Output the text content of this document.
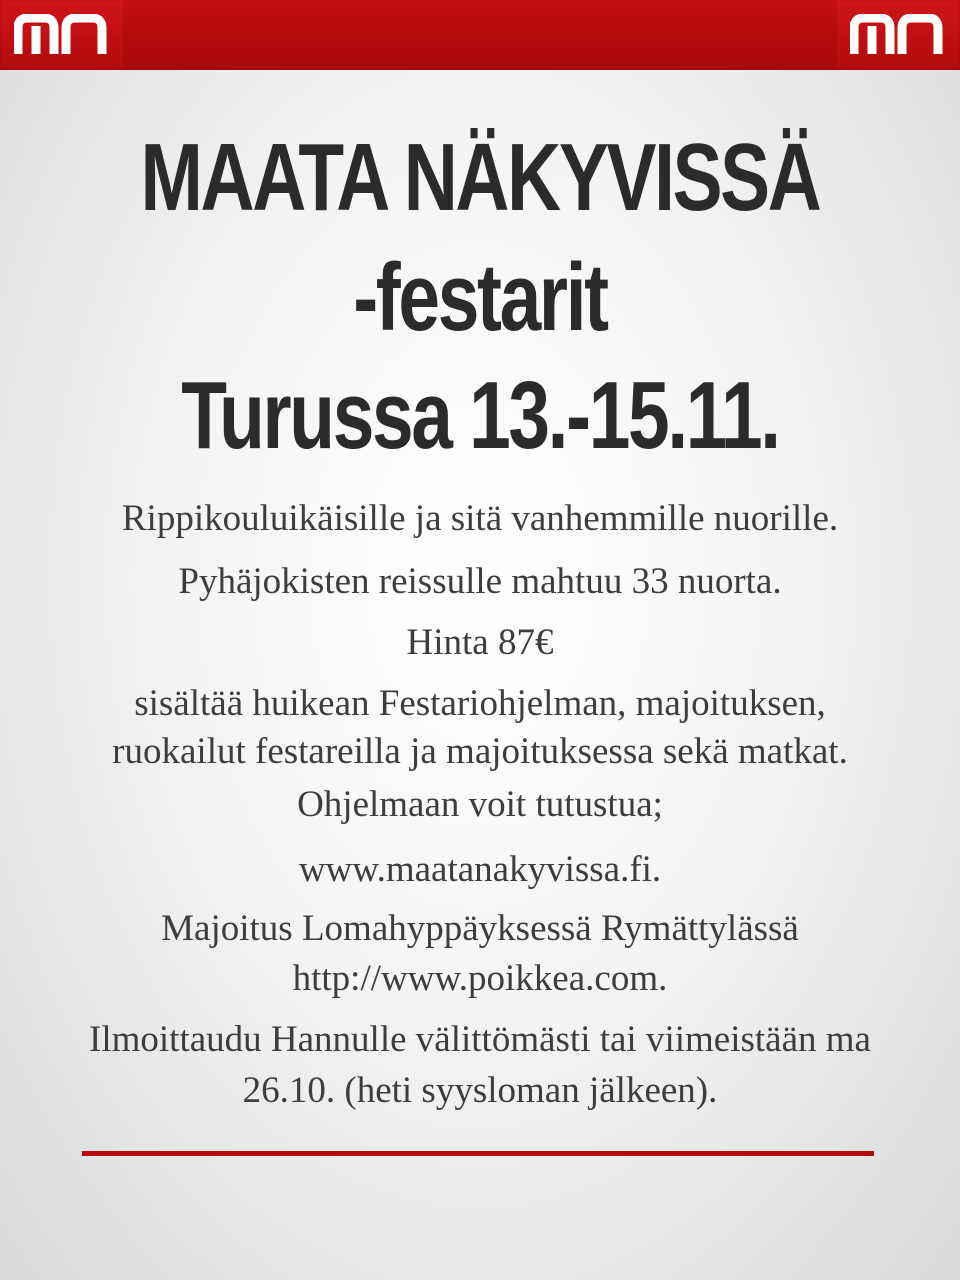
MAATA NÄKYVISSÄ
-festarit
Turussa 13.-15.11.
Rippikouluikäisille ja sitä vanhemmille nuorille.
Pyhäjokisten reissulle mahtuu 33 nuorta.
Hinta 87€
sisältää huikean Festariohjelman, majoituksen,
ruokailut festareilla ja majoituksessa sekä matkat.
Ohjelmaan voit tutustua;
www.maatanakyvissa.fi.
Majoitus Lomahyppäyksessä Rymättylässä
http://www.poikkea.com.
Ilmoittaudu Hannulle välittömästi tai viimeistään ma
26.10. (heti syysloman jälkeen).
